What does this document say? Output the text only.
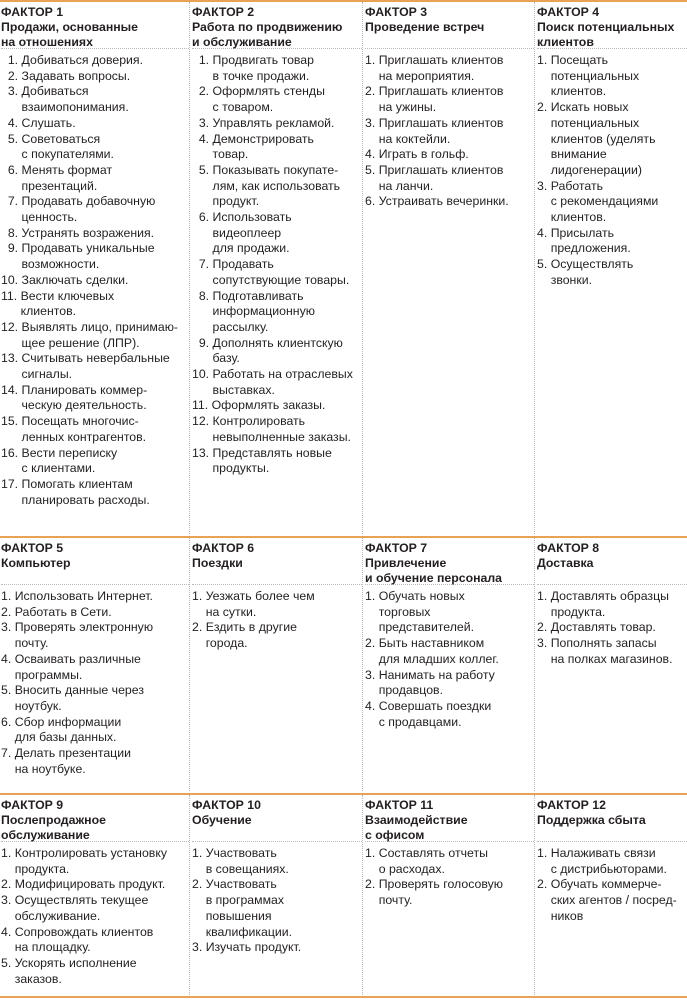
ФАКТОР 1
Продажи, основанные
на отношениях
1. Добиваться доверия.
2. Задавать вопросы.
3. Добиваться
взаимопонимания.
4. Слушать.
5. Советоваться
с покупателями.
6. Менять формат
презентаций.
7. Продавать добавочную
ценность.
8. Устранять возражения.
9. Продавать уникальные
возможности.
10. Заключать сделки.
11. Вести ключевых
клиентов.
12. Выявлять лицо, принимаю-
щее решение (ЛПР).
13. Считывать невербальные
сигналы.
14. Планировать коммер-
ческую деятельность.
15. Посещать многочис-
ленных контрагентов.
16. Вести переписку
с клиентами.
17. Помогать клиентам
планировать расходы.
ФАКТОР 2
Работа по продвижению
и обслуживание
1. Продвигать товар
в точке продажи.
2. Оформлять стенды
с товаром.
3. Управлять рекламой.
4. Демонстрировать
товар.
5. Показывать покупате-
лям, как использовать
продукт.
6. Использовать
видеоплеер
для продажи.
7. Продавать
сопутствующие товары.
8. Подготавливать
информационную
рассылку.
9. Дополнять клиентскую
базу.
10. Работать на отраслевых
выставках.
11. Оформлять заказы.
12. Контролировать
невыполненные заказы.
13. Представлять новые
продукты.
ФАКТОР 3
Проведение встреч
1. Приглашать клиентов
на мероприятия.
2. Приглашать клиентов
на ужины.
3. Приглашать клиентов
на коктейли.
4. Играть в гольф.
5. Приглашать клиентов
на ланчи.
6. Устраивать вечеринки.
ФАКТОР 4
Поиск потенциальных
клиентов
1. Посещать
потенциальных
клиентов.
2. Искать новых
потенциальных
клиентов (уделять
внимание
лидогенерации)
3. Работать
с рекомендациями
клиентов.
4. Присылать
предложения.
5. Осуществлять
звонки.
ФАКТОР 5
Компьютер
1. Использовать Интернет.
2. Работать в Сети.
3. Проверять электронную
почту.
4. Осваивать различные
программы.
5. Вносить данные через
ноутбук.
6. Сбор информации
для базы данных.
7. Делать презентации
на ноутбуке.
ФАКТОР 6
Поездки
1. Уезжать более чем
на сутки.
2. Ездить в другие
города.
ФАКТОР 7
Привлечение
и обучение персонала
1. Обучать новых
торговых
представителей.
2. Быть наставником
для младших коллег.
3. Нанимать на работу
продавцов.
4. Совершать поездки
с продавцами.
ФАКТОР 8
Доставка
1. Доставлять образцы
продукта.
2. Доставлять товар.
3. Пополнять запасы
на полках магазинов.
ФАКТОР 9
Послепродажное
обслуживание
1. Контролировать установку
продукта.
2. Модифицировать продукт.
3. Осуществлять текущее
обслуживание.
4. Сопровождать клиентов
на площадку.
5. Ускорять исполнение
заказов.
ФАКТОР 10
Обучение
1. Участвовать
в совещаниях.
2. Участвовать
в программах
повышения
квалификации.
3. Изучать продукт.
ФАКТОР 11
Взаимодействие
с офисом
1. Составлять отчеты
о расходах.
2. Проверять голосовую
почту.
ФАКТОР 12
Поддержка сбыта
1. Налаживать связи
с дистрибьюторами.
2. Обучать коммерче-
ских агентов / посред-
ников
